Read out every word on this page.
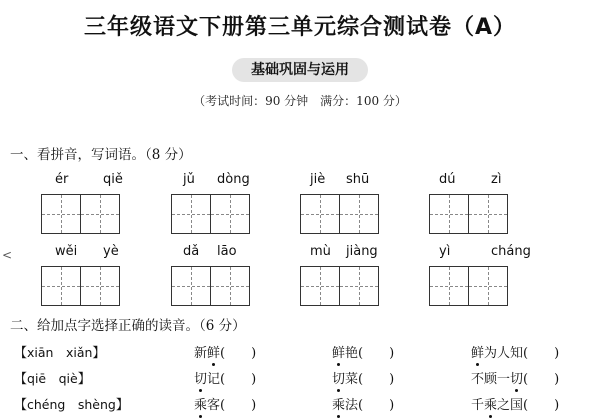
三年级语文下册第三单元综合测试卷（A）
基础巩固与运用
（考试时间：90 分钟　满分：100 分）
一、看拼音，写词语。（8 分）
ér	qiě	jǔ dòng	jiè shū	dú	zì
wěi yè	dǎ lāo	mù jiàng	yì	cháng
<
二、给加点字选择正确的读音。（6 分）
【xiān　xiǎn】	新鲜(　　)	鲜艳(　　)	鲜为人知(　　)
【qiē　qiè】	切记(　　)	切菜(　　)	不顾一切(　　)
【chéng　shèng】	乘客(　　)	乘法(　　)	千乘之国(　　)
